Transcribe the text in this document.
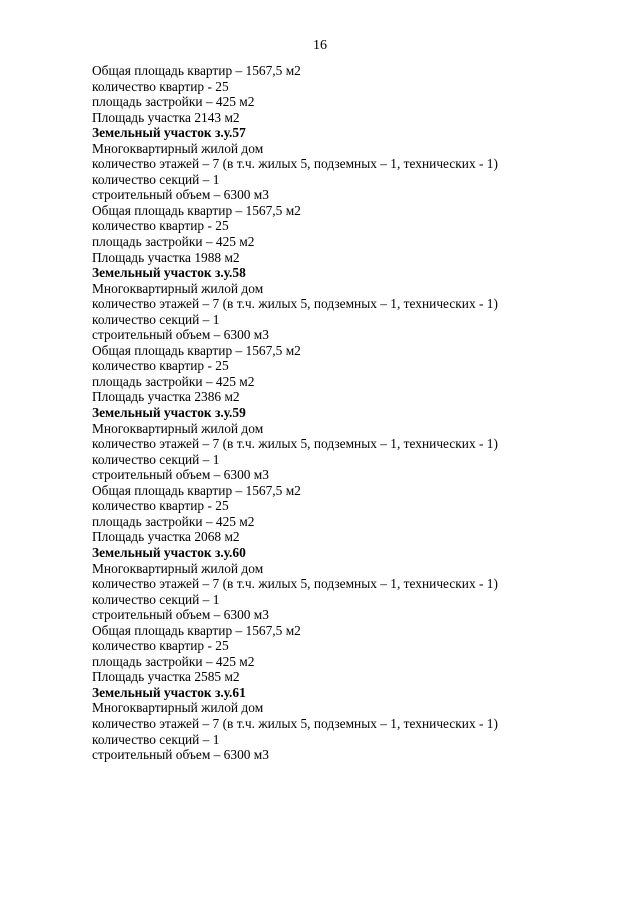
16
Общая площадь квартир – 1567,5 м2
количество квартир - 25
площадь застройки – 425 м2
Площадь участка 2143 м2
Земельный участок з.у.57
Многоквартирный жилой дом
количество этажей – 7 (в т.ч. жилых 5, подземных – 1, технических - 1)
количество секций – 1
строительный объем – 6300 м3
Общая площадь квартир – 1567,5 м2
количество квартир - 25
площадь застройки – 425 м2
Площадь участка 1988 м2
Земельный участок з.у.58
Многоквартирный жилой дом
количество этажей – 7 (в т.ч. жилых 5, подземных – 1, технических - 1)
количество секций – 1
строительный объем – 6300 м3
Общая площадь квартир – 1567,5 м2
количество квартир - 25
площадь застройки – 425 м2
Площадь участка 2386 м2
Земельный участок з.у.59
Многоквартирный жилой дом
количество этажей – 7 (в т.ч. жилых 5, подземных – 1, технических - 1)
количество секций – 1
строительный объем – 6300 м3
Общая площадь квартир – 1567,5 м2
количество квартир - 25
площадь застройки – 425 м2
Площадь участка 2068 м2
Земельный участок з.у.60
Многоквартирный жилой дом
количество этажей – 7 (в т.ч. жилых 5, подземных – 1, технических - 1)
количество секций – 1
строительный объем – 6300 м3
Общая площадь квартир – 1567,5 м2
количество квартир - 25
площадь застройки – 425 м2
Площадь участка 2585 м2
Земельный участок з.у.61
Многоквартирный жилой дом
количество этажей – 7 (в т.ч. жилых 5, подземных – 1, технических - 1)
количество секций – 1
строительный объем – 6300 м3
